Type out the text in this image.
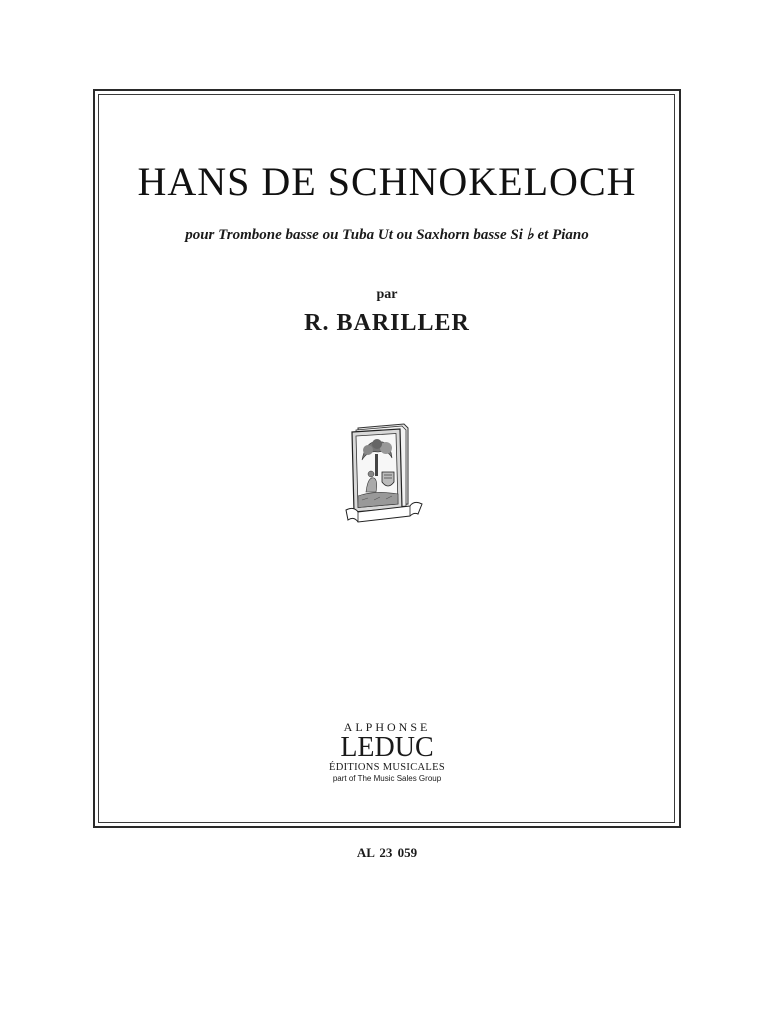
HANS DE SCHNOKELOCH
pour Trombone basse ou Tuba Ut ou Saxhorn basse Si ♭ et Piano
par
R. BARILLER
ALPHONSE
LEDUC
ÉDITIONS MUSICALES
part of The Music Sales Group
AL 23 059
